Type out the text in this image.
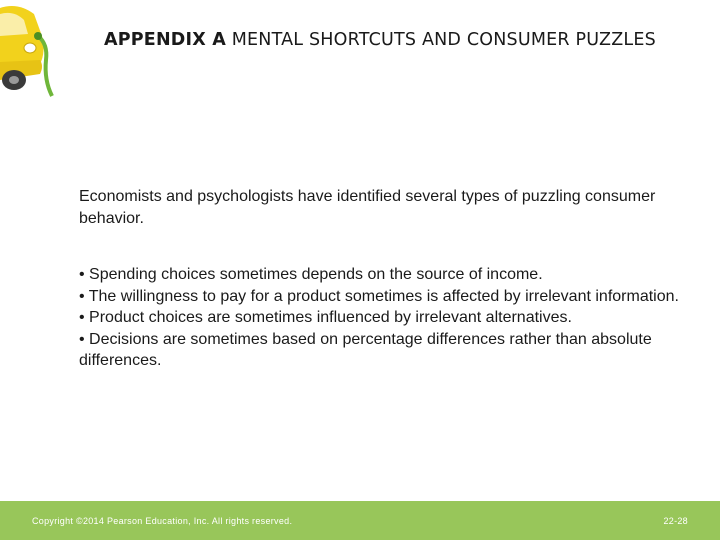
APPENDIX A MENTAL SHORTCUTS AND CONSUMER PUZZLES
Economists and psychologists have identified several types of puzzling consumer behavior.

• Spending choices sometimes depends on the source of income.

• The willingness to pay for a product sometimes is affected by irrelevant information.

• Product choices are sometimes influenced by irrelevant alternatives.

• Decisions are sometimes based on percentage differences rather than absolute differences.

Copyright ©2014 Pearson Education, Inc. All rights reserved.	22-28
